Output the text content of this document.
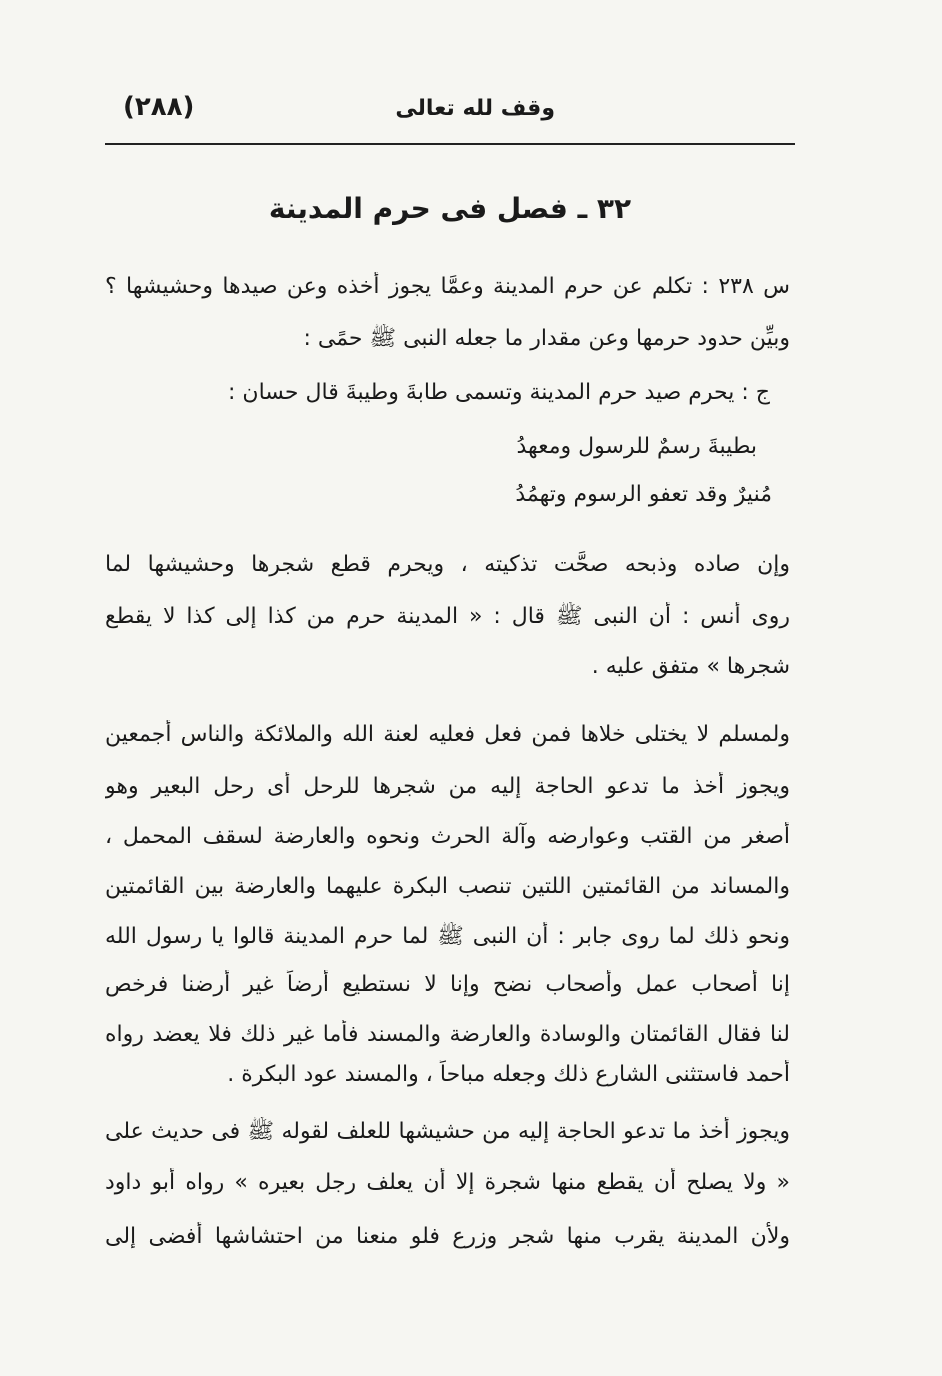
وقف لله تعالى
(٢٨٨)
٣٢ ـ فصل فى حرم المدينة
س ٢٣٨ : تكلم عن حرم المدينة وعمَّا يجوز أخذه وعن صيدها وحشيشها ؟
وبيِّن حدود حرمها وعن مقدار ما جعله النبى ﷺ حمًى :
ج : يحرم صيد حرم المدينة وتسمى طابةَ وطيبةَ قال حسان :
بطيبةَ رسمٌ للرسول ومعهدُ
مُنيرٌ وقد تعفو الرسوم وتهمُدُ
وإن صاده وذبحه صحَّت تذكيته ، ويحرم قطع شجرها وحشيشها لما
روى أنس : أن النبى ﷺ قال : « المدينة حرم من كذا إلى كذا لا يقطع
شجرها » متفق عليه .
ولمسلم لا يختلى خلاها فمن فعل فعليه لعنة الله والملائكة والناس أجمعين
ويجوز أخذ ما تدعو الحاجة إليه من شجرها للرحل أى رحل البعير وهو
أصغر من القتب وعوارضه وآلة الحرث ونحوه والعارضة لسقف المحمل ،
والمساند من القائمتين اللتين تنصب البكرة عليهما والعارضة بين القائمتين
ونحو ذلك لما روى جابر : أن النبى ﷺ لما حرم المدينة قالوا يا رسول الله
إنا أصحاب عمل وأصحاب نضح وإنا لا نستطيع أرضاً غير أرضنا فرخص
لنا فقال القائمتان والوسادة والعارضة والمسند فأما غير ذلك فلا يعضد رواه
أحمد فاستثنى الشارع ذلك وجعله مباحاً ، والمسند عود البكرة .
ويجوز أخذ ما تدعو الحاجة إليه من حشيشها للعلف لقوله ﷺ فى حديث على
« ولا يصلح أن يقطع منها شجرة إلا أن يعلف رجل بعيره » رواه أبو داود
ولأن المدينة يقرب منها شجر وزرع فلو منعنا من احتشاشها أفضى إلى
